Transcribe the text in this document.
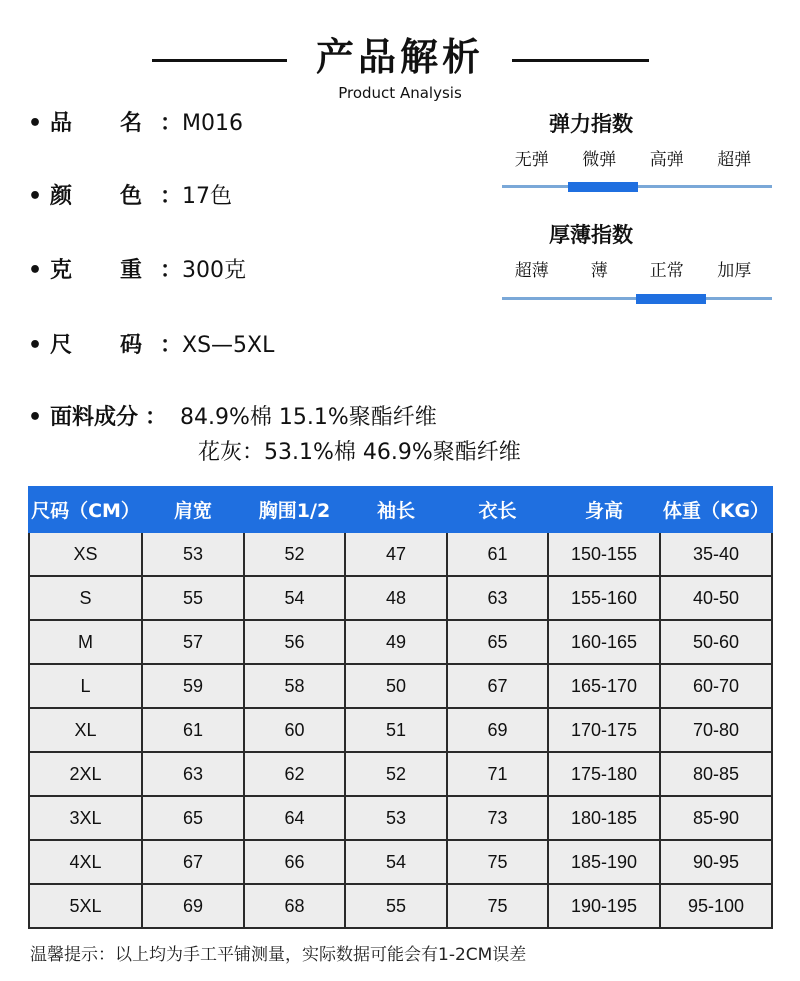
产品解析
Product Analysis
• 品 名 ：M016
• 颜 色 ：17色
• 克 重 ：300克
• 尺 码 ：XS—5XL
• 面料成分 ： 84.9%棉 15.1%聚酯纤维
花灰：53.1%棉 46.9%聚酯纤维
弹力指数
无弹	微弹	高弹	超弹
厚薄指数
超薄	薄	正常	加厚
尺码（CM）	肩宽	胸围1/2	袖长	衣长	身高	体重（KG）
XS	53	52	47	61	150-155	35-40
S	55	54	48	63	155-160	40-50
M	57	56	49	65	160-165	50-60
L	59	58	50	67	165-170	60-70
XL	61	60	51	69	170-175	70-80
2XL	63	62	52	71	175-180	80-85
3XL	65	64	53	73	180-185	85-90
4XL	67	66	54	75	185-190	90-95
5XL	69	68	55	75	190-195	95-100
温馨提示：以上均为手工平铺测量，实际数据可能会有1-2CM误差
